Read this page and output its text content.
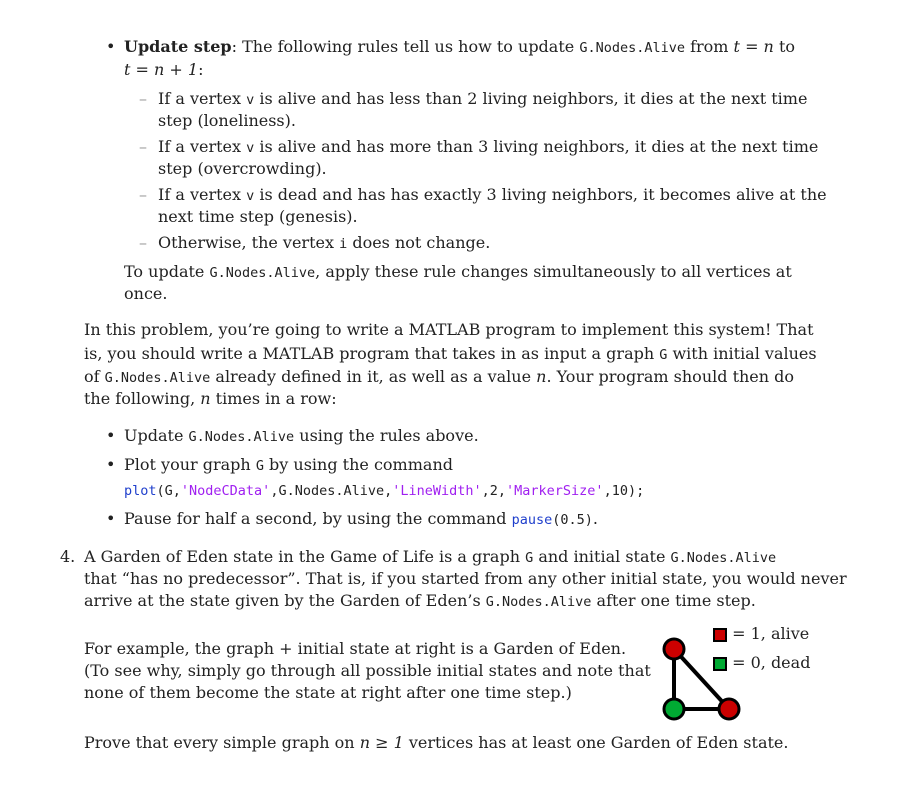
• Update step: The following rules tell us how to update G.Nodes.Alive from t = n to
t = n + 1:
– If a vertex v is alive and has less than 2 living neighbors, it dies at the next time
step (loneliness).
– If a vertex v is alive and has more than 3 living neighbors, it dies at the next time
step (overcrowding).
– If a vertex v is dead and has has exactly 3 living neighbors, it becomes alive at the
next time step (genesis).
– Otherwise, the vertex i does not change.
To update G.Nodes.Alive, apply these rule changes simultaneously to all vertices at
once.
In this problem, you’re going to write a MATLAB program to implement this system! That
is, you should write a MATLAB program that takes in as input a graph G with initial values
of G.Nodes.Alive already defined in it, as well as a value n. Your program should then do
the following, n times in a row:
• Update G.Nodes.Alive using the rules above.
• Plot your graph G by using the command
plot(G,'NodeCData',G.Nodes.Alive,'LineWidth',2,'MarkerSize',10);
• Pause for half a second, by using the command pause(0.5).
4. A Garden of Eden state in the Game of Life is a graph G and initial state G.Nodes.Alive
that “has no predecessor”. That is, if you started from any other initial state, you would never
arrive at the state given by the Garden of Eden’s G.Nodes.Alive after one time step.
For example, the graph + initial state at right is a Garden of Eden.
(To see why, simply go through all possible initial states and note that
none of them become the state at right after one time step.)
= 1, alive
= 0, dead
Prove that every simple graph on n ≥ 1 vertices has at least one Garden of Eden state.
